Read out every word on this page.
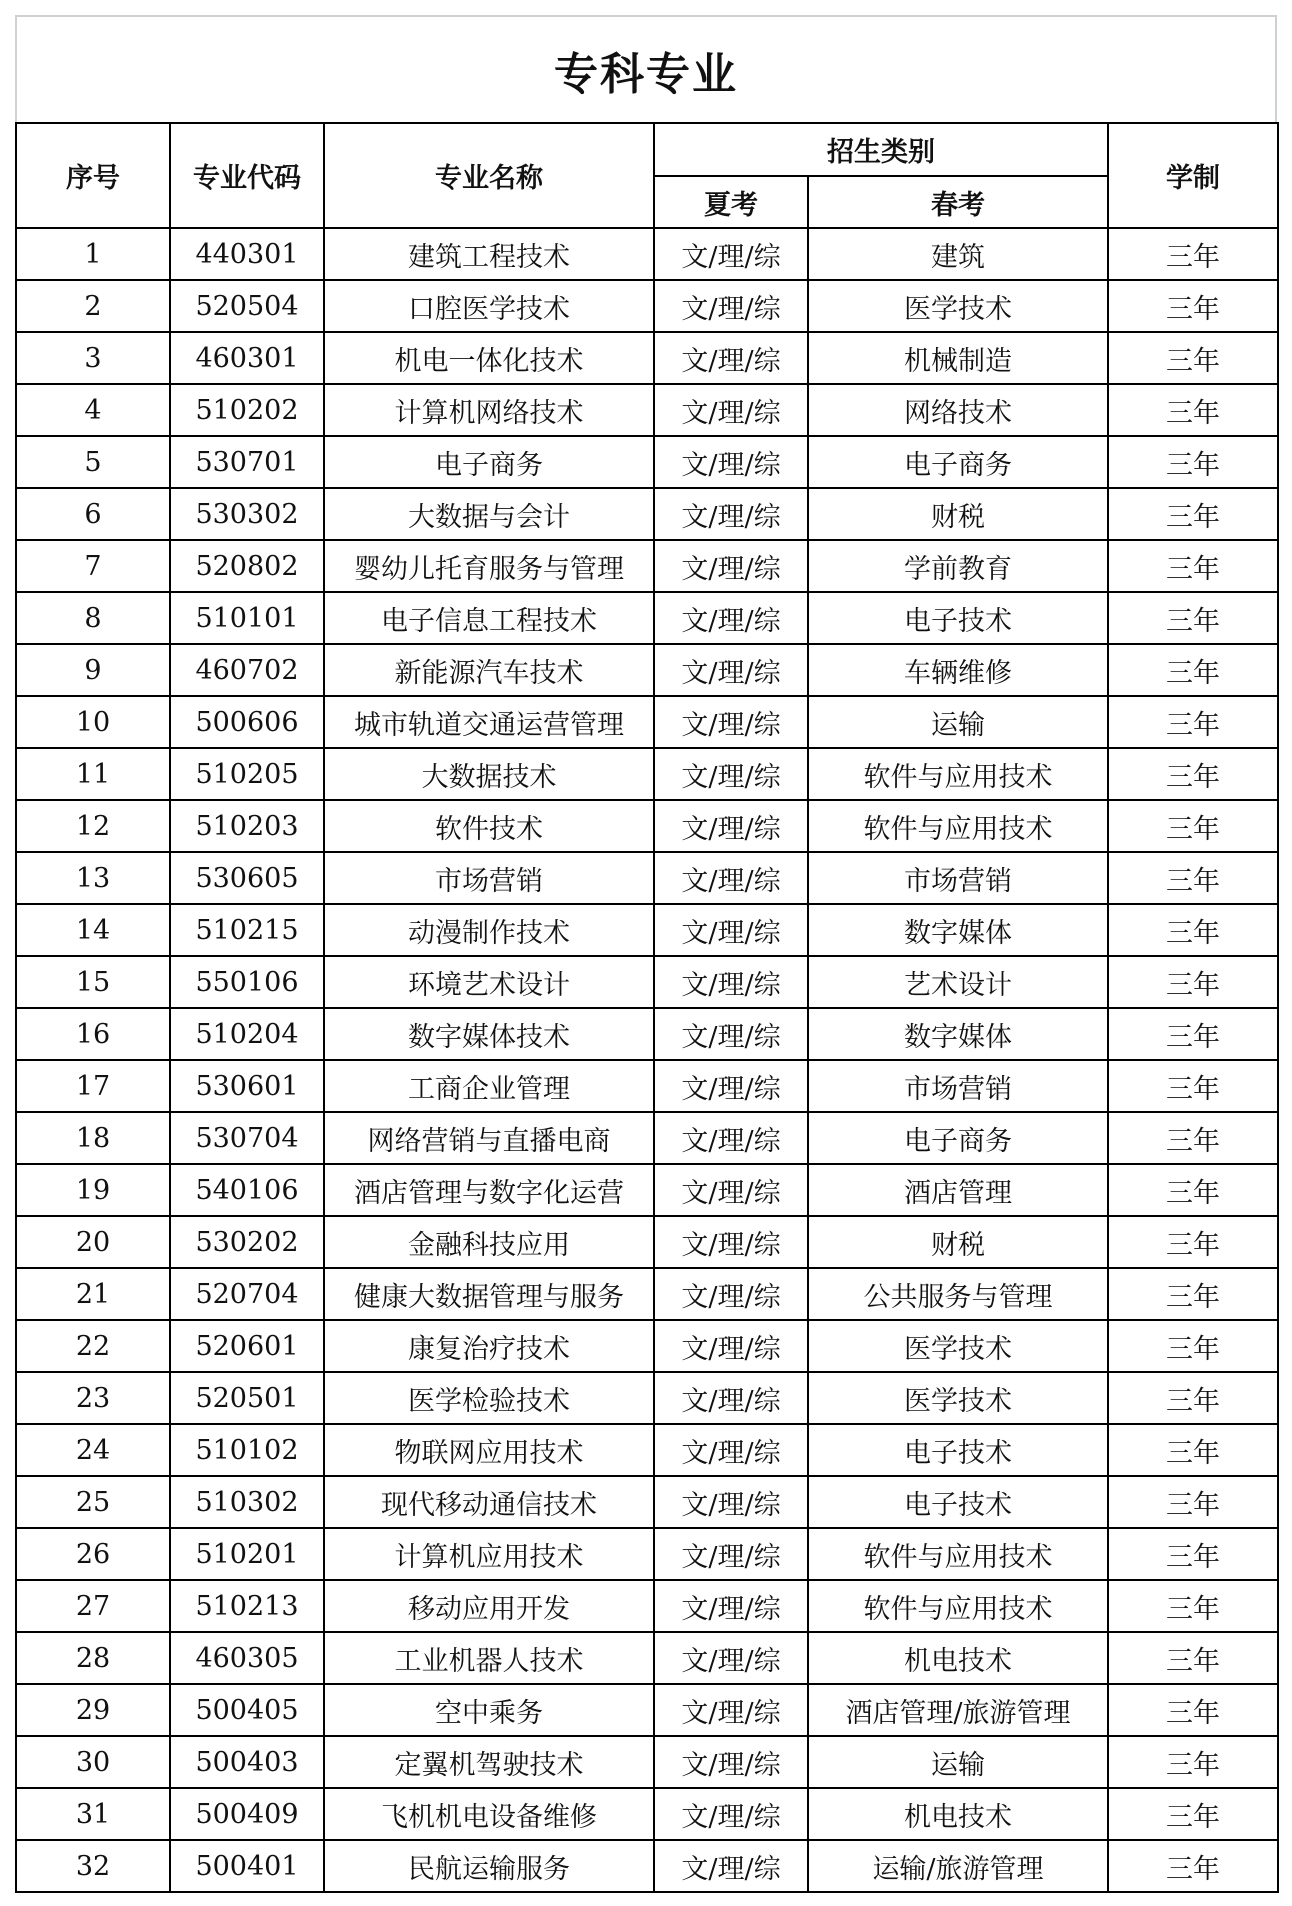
专科专业
序号	专业代码	专业名称	招生类别		学制
			夏考	春考	
1	440301	建筑工程技术	文/理/综	建筑	三年
2	520504	口腔医学技术	文/理/综	医学技术	三年
3	460301	机电一体化技术	文/理/综	机械制造	三年
4	510202	计算机网络技术	文/理/综	网络技术	三年
5	530701	电子商务	文/理/综	电子商务	三年
6	530302	大数据与会计	文/理/综	财税	三年
7	520802	婴幼儿托育服务与管理	文/理/综	学前教育	三年
8	510101	电子信息工程技术	文/理/综	电子技术	三年
9	460702	新能源汽车技术	文/理/综	车辆维修	三年
10	500606	城市轨道交通运营管理	文/理/综	运输	三年
11	510205	大数据技术	文/理/综	软件与应用技术	三年
12	510203	软件技术	文/理/综	软件与应用技术	三年
13	530605	市场营销	文/理/综	市场营销	三年
14	510215	动漫制作技术	文/理/综	数字媒体	三年
15	550106	环境艺术设计	文/理/综	艺术设计	三年
16	510204	数字媒体技术	文/理/综	数字媒体	三年
17	530601	工商企业管理	文/理/综	市场营销	三年
18	530704	网络营销与直播电商	文/理/综	电子商务	三年
19	540106	酒店管理与数字化运营	文/理/综	酒店管理	三年
20	530202	金融科技应用	文/理/综	财税	三年
21	520704	健康大数据管理与服务	文/理/综	公共服务与管理	三年
22	520601	康复治疗技术	文/理/综	医学技术	三年
23	520501	医学检验技术	文/理/综	医学技术	三年
24	510102	物联网应用技术	文/理/综	电子技术	三年
25	510302	现代移动通信技术	文/理/综	电子技术	三年
26	510201	计算机应用技术	文/理/综	软件与应用技术	三年
27	510213	移动应用开发	文/理/综	软件与应用技术	三年
28	460305	工业机器人技术	文/理/综	机电技术	三年
29	500405	空中乘务	文/理/综	酒店管理/旅游管理	三年
30	500403	定翼机驾驶技术	文/理/综	运输	三年
31	500409	飞机机电设备维修	文/理/综	机电技术	三年
32	500401	民航运输服务	文/理/综	运输/旅游管理	三年
